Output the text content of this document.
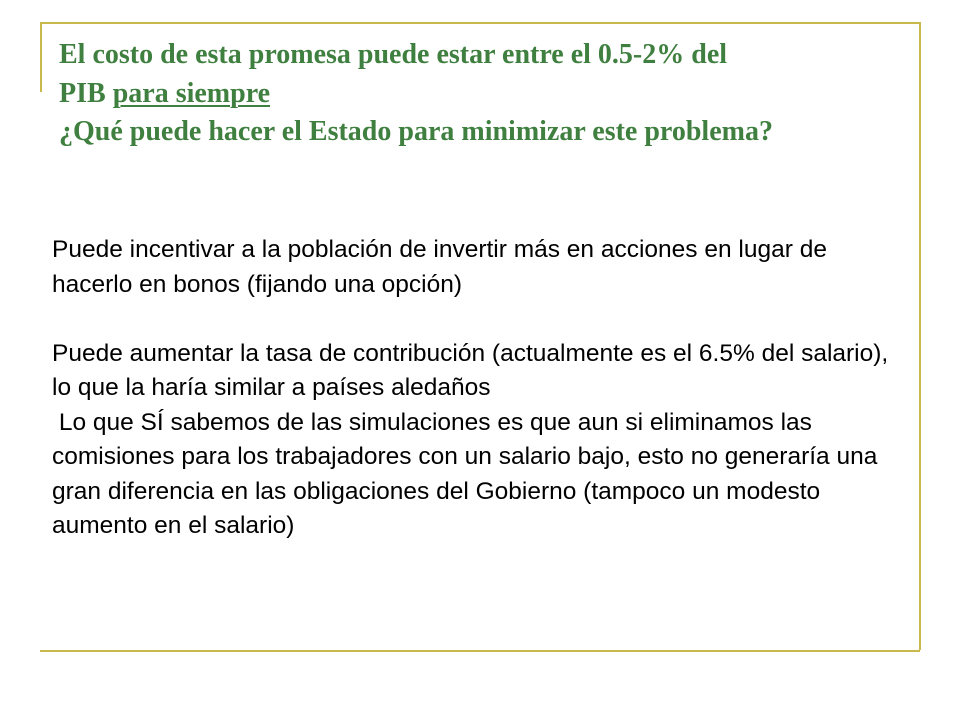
El costo de esta promesa puede estar entre el 0.5-2% del
PIB para siempre
¿Qué puede hacer el Estado para minimizar este problema?

Puede incentivar a la población de invertir más en acciones en lugar de hacerlo en bonos (fijando una opción)

Puede aumentar la tasa de contribución (actualmente es el 6.5% del salario), lo que la haría similar a países aledaños

Lo que SÍ sabemos de las simulaciones es que aun si eliminamos las comisiones para los trabajadores con un salario bajo, esto no generaría una gran diferencia en las obligaciones del Gobierno (tampoco un modesto aumento en el salario)
